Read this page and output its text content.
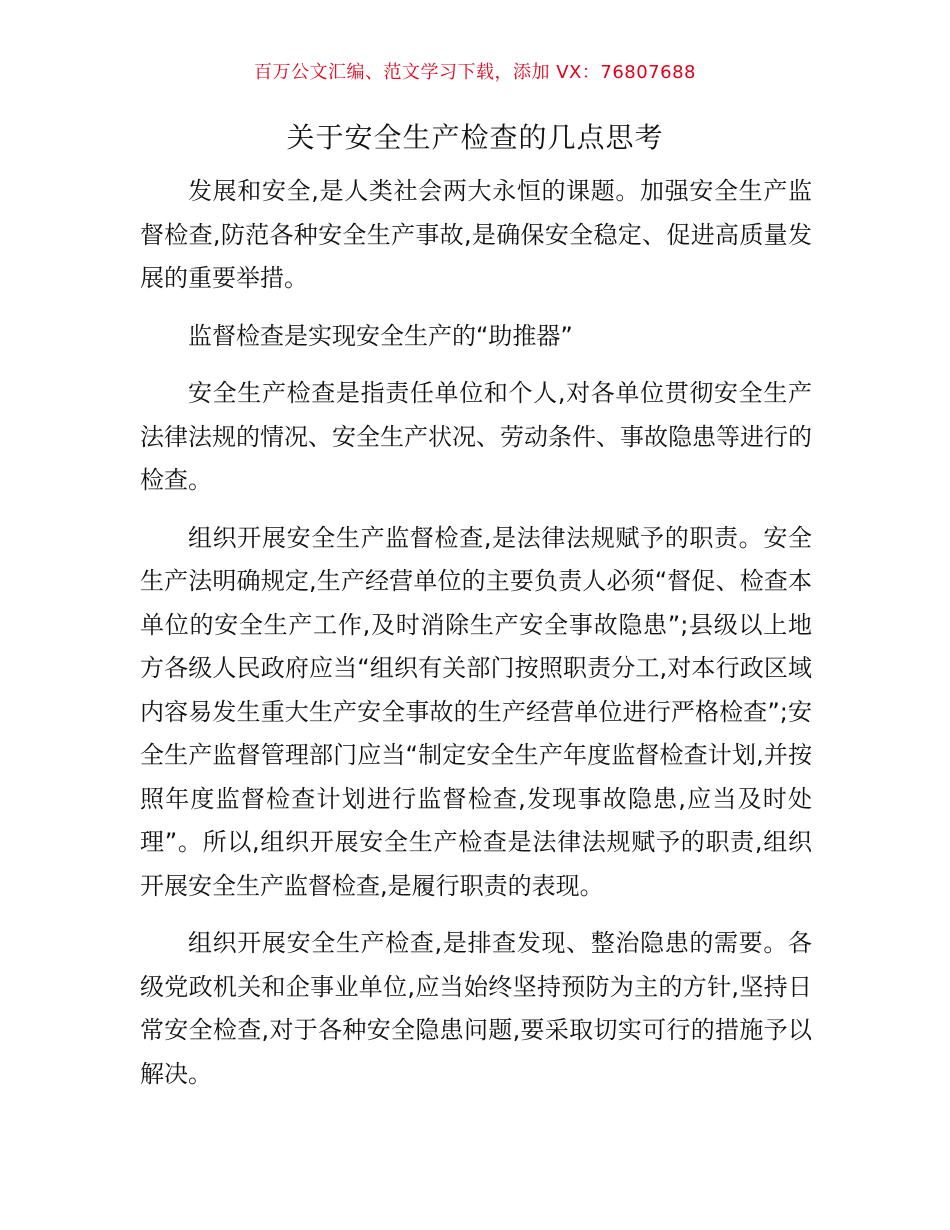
百万公文汇编、范文学习下载，添加 VX：76807688
关于安全生产检查的几点思考

发展和安全,是人类社会两大永恒的课题。加强安全生产监督检查,防范各种安全生产事故,是确保安全稳定、促进高质量发展的重要举措。

监督检查是实现安全生产的“助推器”

安全生产检查是指责任单位和个人,对各单位贯彻安全生产法律法规的情况、安全生产状况、劳动条件、事故隐患等进行的检查。

组织开展安全生产监督检查,是法律法规赋予的职责。安全生产法明确规定,生产经营单位的主要负责人必须“督促、检查本单位的安全生产工作,及时消除生产安全事故隐患”;县级以上地方各级人民政府应当“组织有关部门按照职责分工,对本行政区域内容易发生重大生产安全事故的生产经营单位进行严格检查”;安全生产监督管理部门应当“制定安全生产年度监督检查计划,并按照年度监督检查计划进行监督检查,发现事故隐患,应当及时处理”。所以,组织开展安全生产检查是法律法规赋予的职责,组织开展安全生产监督检查,是履行职责的表现。

组织开展安全生产检查,是排查发现、整治隐患的需要。各级党政机关和企事业单位,应当始终坚持预防为主的方针,坚持日常安全检查,对于各种安全隐患问题,要采取切实可行的措施予以解决。
